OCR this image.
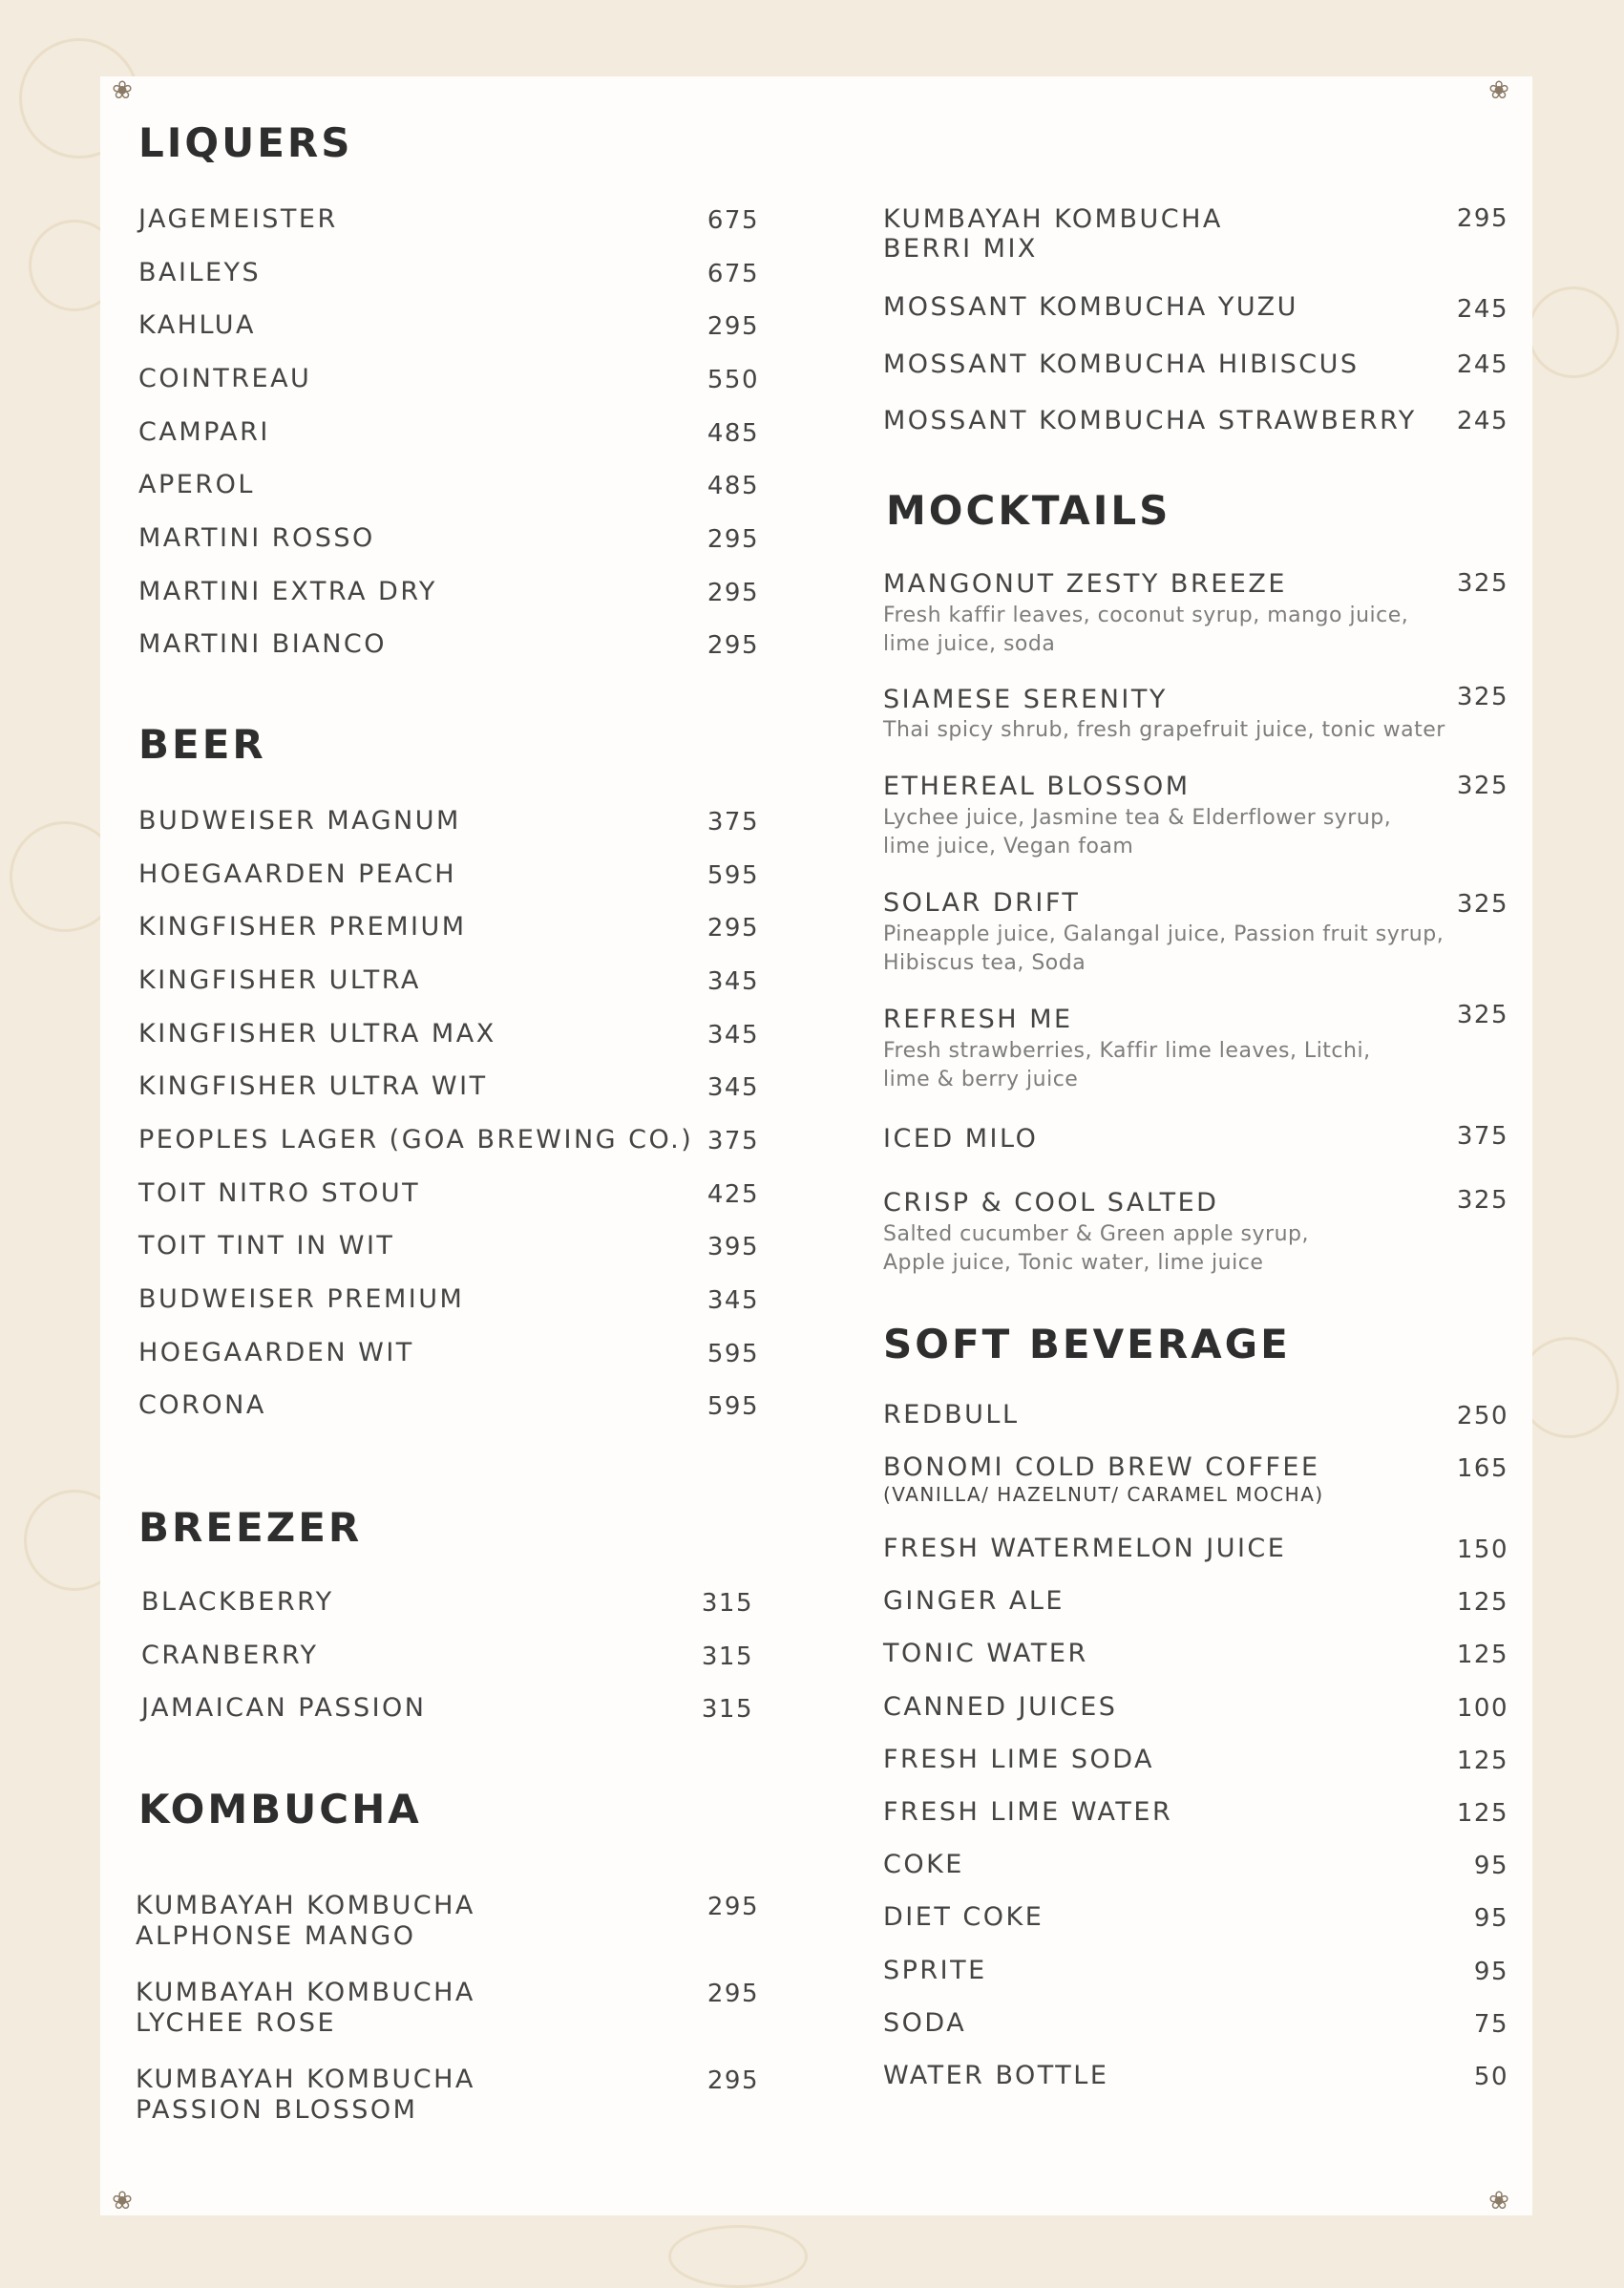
❀	❀
❀	❀
LIQUERS
JAGEMEISTER	675
BAILEYS	675
KAHLUA	295
COINTREAU	550
CAMPARI	485
APEROL	485
MARTINI ROSSO	295
MARTINI EXTRA DRY	295
MARTINI BIANCO	295
BEER
BUDWEISER MAGNUM	375
HOEGAARDEN PEACH	595
KINGFISHER PREMIUM	295
KINGFISHER ULTRA	345
KINGFISHER ULTRA MAX	345
KINGFISHER ULTRA WIT	345
PEOPLES LAGER (GOA BREWING CO.) 375
TOIT NITRO STOUT	425
TOIT TINT IN WIT	395
BUDWEISER PREMIUM	345
HOEGAARDEN WIT	595
CORONA	595
BREEZER
BLACKBERRY	315
CRANBERRY	315
JAMAICAN PASSION	315
KOMBUCHA
KUMBAYAH KOMBUCHA
ALPHONSE MANGO
295
KUMBAYAH KOMBUCHA
LYCHEE ROSE
295
KUMBAYAH KOMBUCHA
PASSION BLOSSOM
295
KUMBAYAH KOMBUCHA
BERRI MIX
295
MOSSANT KOMBUCHA YUZU	245
MOSSANT KOMBUCHA HIBISCUS	245
MOSSANT KOMBUCHA STRAWBERRY 245
MOCKTAILS
MANGONUT ZESTY BREEZE	325
Fresh kaffir leaves, coconut syrup, mango juice,
lime juice, soda
SIAMESE SERENITY	325
Thai spicy shrub, fresh grapefruit juice, tonic water
ETHEREAL BLOSSOM	325
Lychee juice, Jasmine tea & Elderflower syrup,
lime juice, Vegan foam
SOLAR DRIFT	325
Pineapple juice, Galangal juice, Passion fruit syrup,
Hibiscus tea, Soda
REFRESH ME	325
Fresh strawberries, Kaffir lime leaves, Litchi,
lime & berry juice
ICED MILO	375
CRISP & COOL SALTED	325
Salted cucumber & Green apple syrup,
Apple juice, Tonic water, lime juice
SOFT BEVERAGE
REDBULL	250
BONOMI COLD BREW COFFEE
(VANILLA/ HAZELNUT/ CARAMEL MOCHA)
165
FRESH WATERMELON JUICE	150
GINGER ALE	125
TONIC WATER	125
CANNED JUICES	100
FRESH LIME SODA	125
FRESH LIME WATER	125
COKE	95
DIET COKE	95
SPRITE	95
SODA	75
WATER BOTTLE	50
